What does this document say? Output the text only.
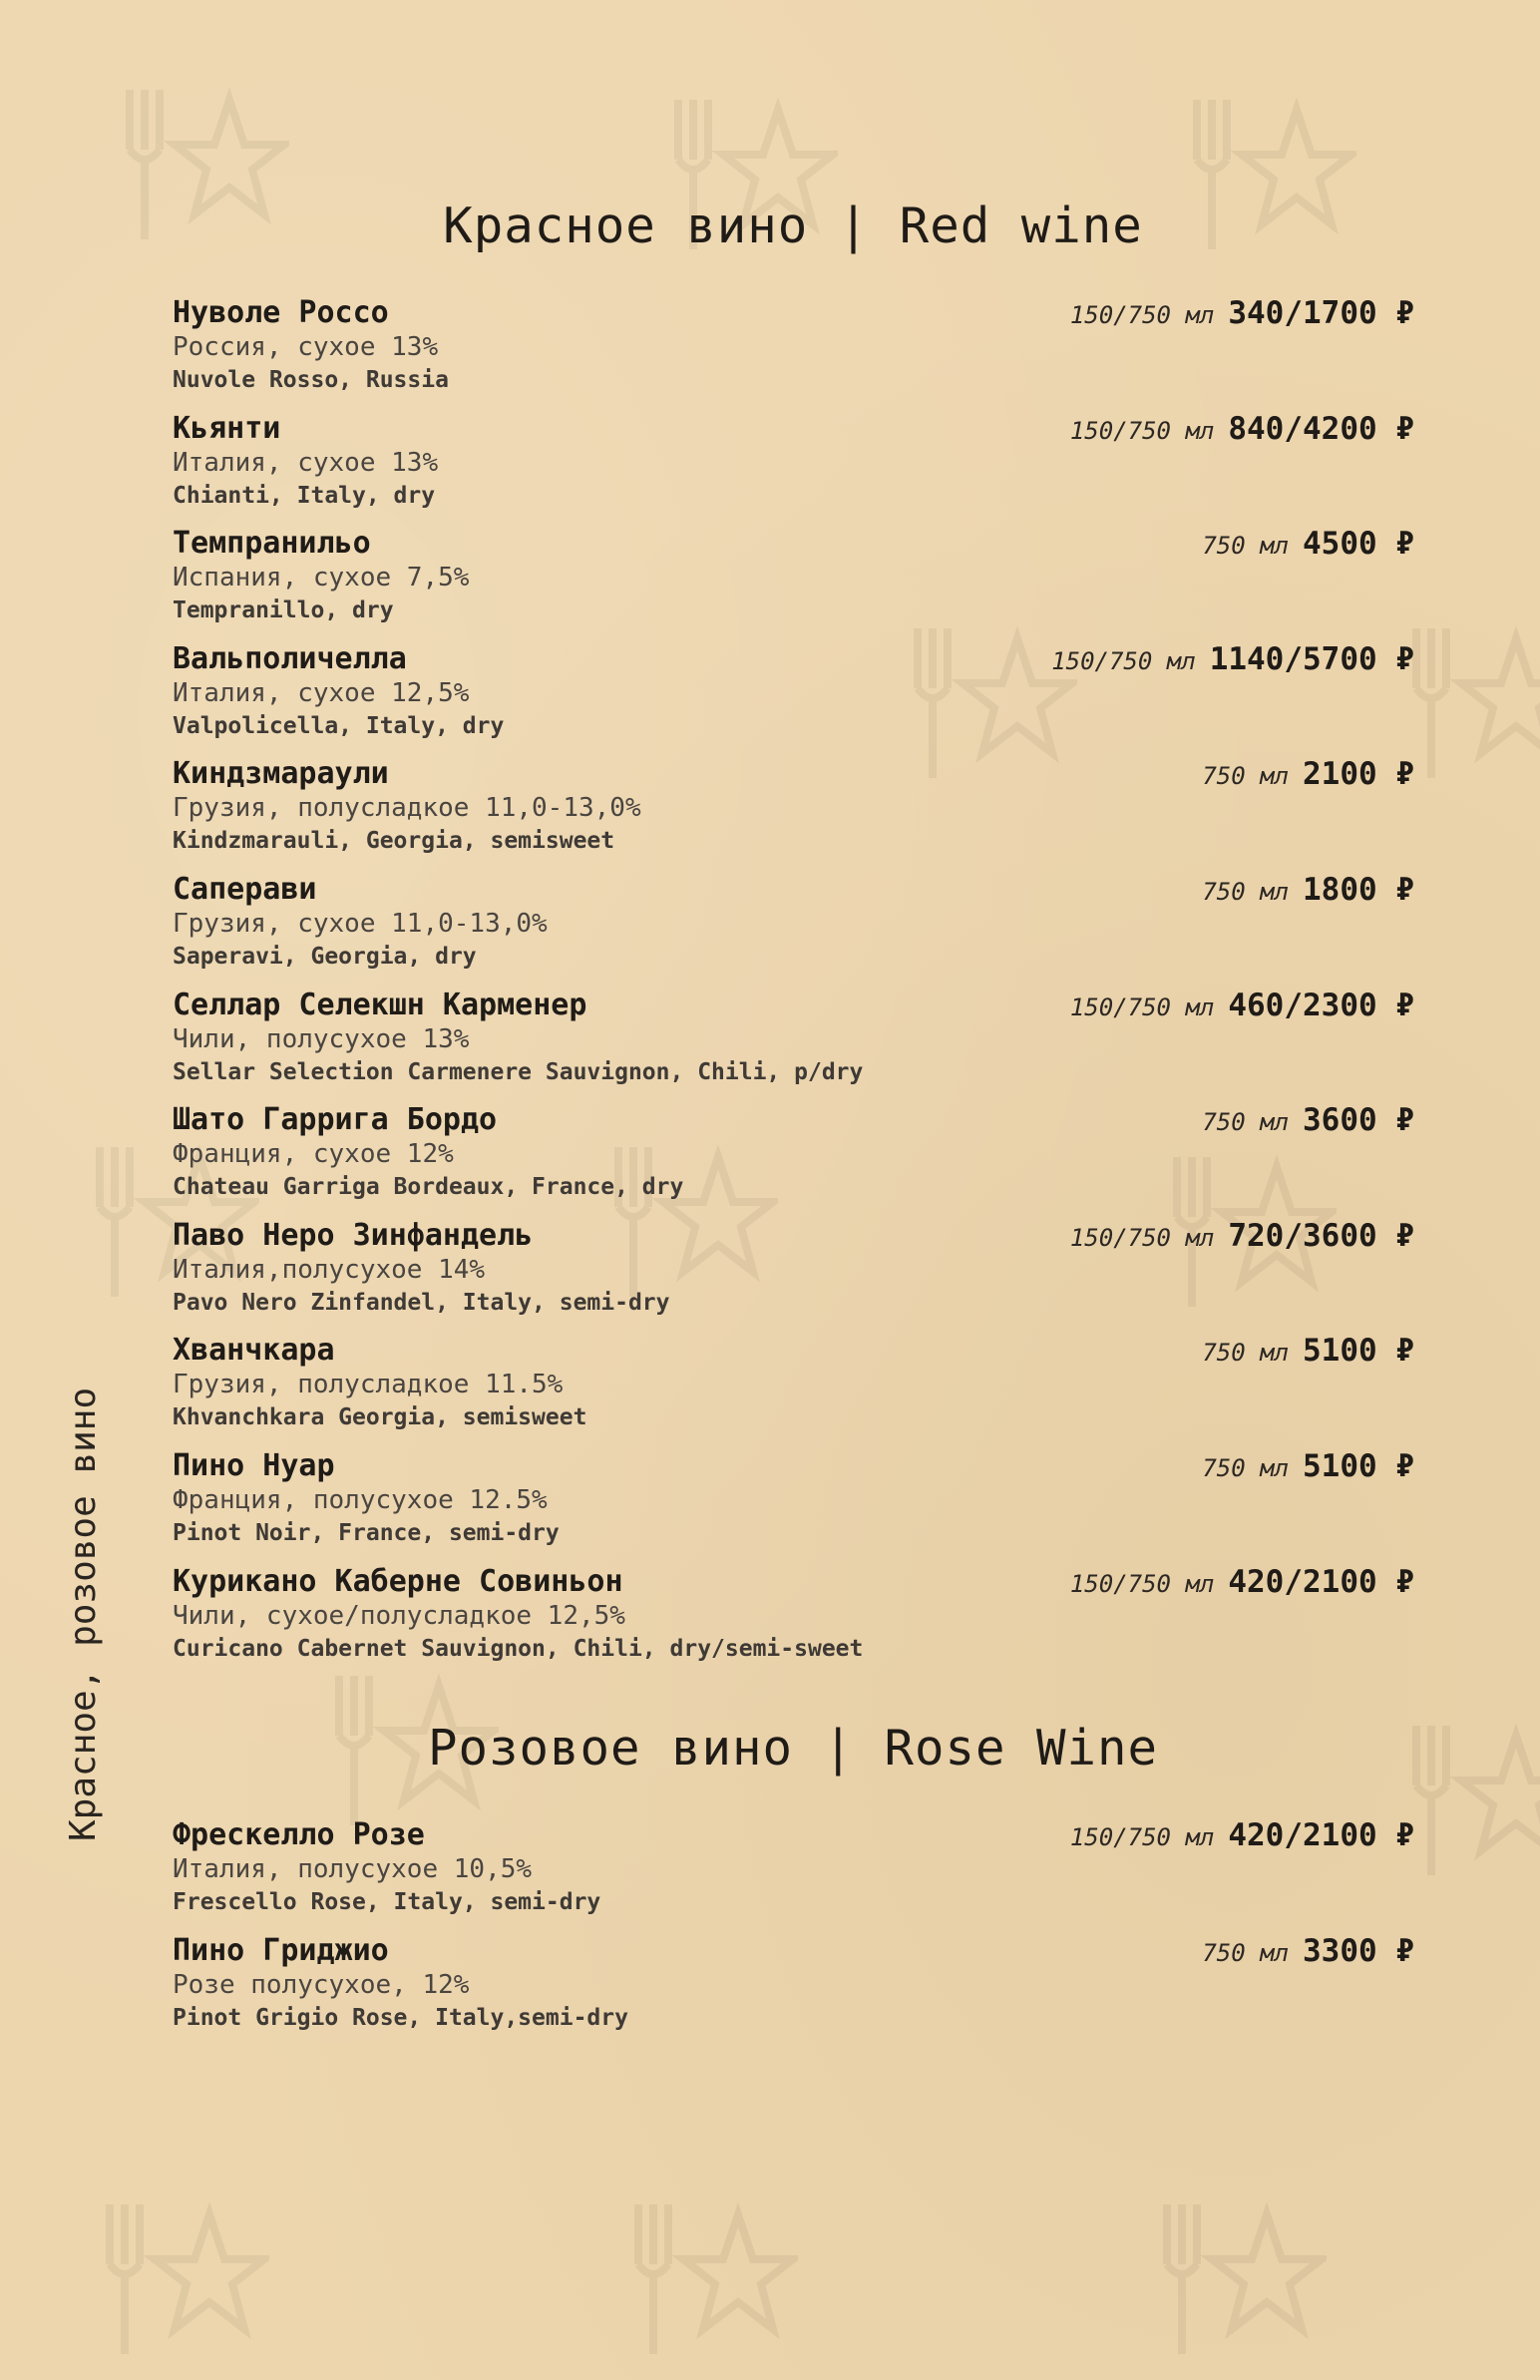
Красное, розовое вино
Красное вино | Red wine
Нуволе Россо
Россия, сухое 13%
Nuvole Rosso, Russia
150/750 мл 340/1700 ₽
Кьянти
Италия, сухое 13%
Chianti, Italy, dry
150/750 мл 840/4200 ₽
Темпранильо
Испания, сухое 7,5%
Tempranillo, dry
750 мл 4500 ₽
Вальполичелла
Италия, сухое 12,5%
Valpolicella, Italy, dry
150/750 мл 1140/5700 ₽
Киндзмараули
Грузия, полусладкое 11,0-13,0%
Kindzmarauli, Georgia, semisweet
750 мл 2100 ₽
Саперави
Грузия, сухое 11,0-13,0%
Saperavi, Georgia, dry
750 мл 1800 ₽
Селлар Селекшн Карменер
Чили, полусухое 13%
Sellar Selection Carmenere Sauvignon, Chili, p/dry
150/750 мл 460/2300 ₽
Шато Гаррига Бордо
Франция, сухое 12%
Chateau Garriga Bordeaux, France, dry
750 мл 3600 ₽
Паво Неро Зинфандель
Италия,полусухое 14%
Pavo Nero Zinfandel, Italy, semi-dry
150/750 мл 720/3600 ₽
Хванчкара
Грузия, полусладкое 11.5%
Khvanchkara Georgia, semisweet
750 мл 5100 ₽
Пино Нуар
Франция, полусухое 12.5%
Pinot Noir, France, semi-dry
750 мл 5100 ₽
Курикано Каберне Совиньон
Чили, сухое/полусладкое 12,5%
Curicano Cabernet Sauvignon, Chili, dry/semi-sweet
150/750 мл 420/2100 ₽
Розовое вино | Rose Wine
Фрескелло Розе
Италия, полусухое 10,5%
Frescello Rose, Italy, semi-dry
150/750 мл 420/2100 ₽
Пино Гриджио
Розе полусухое, 12%
Pinot Grigio Rose, Italy,semi-dry
750 мл 3300 ₽
